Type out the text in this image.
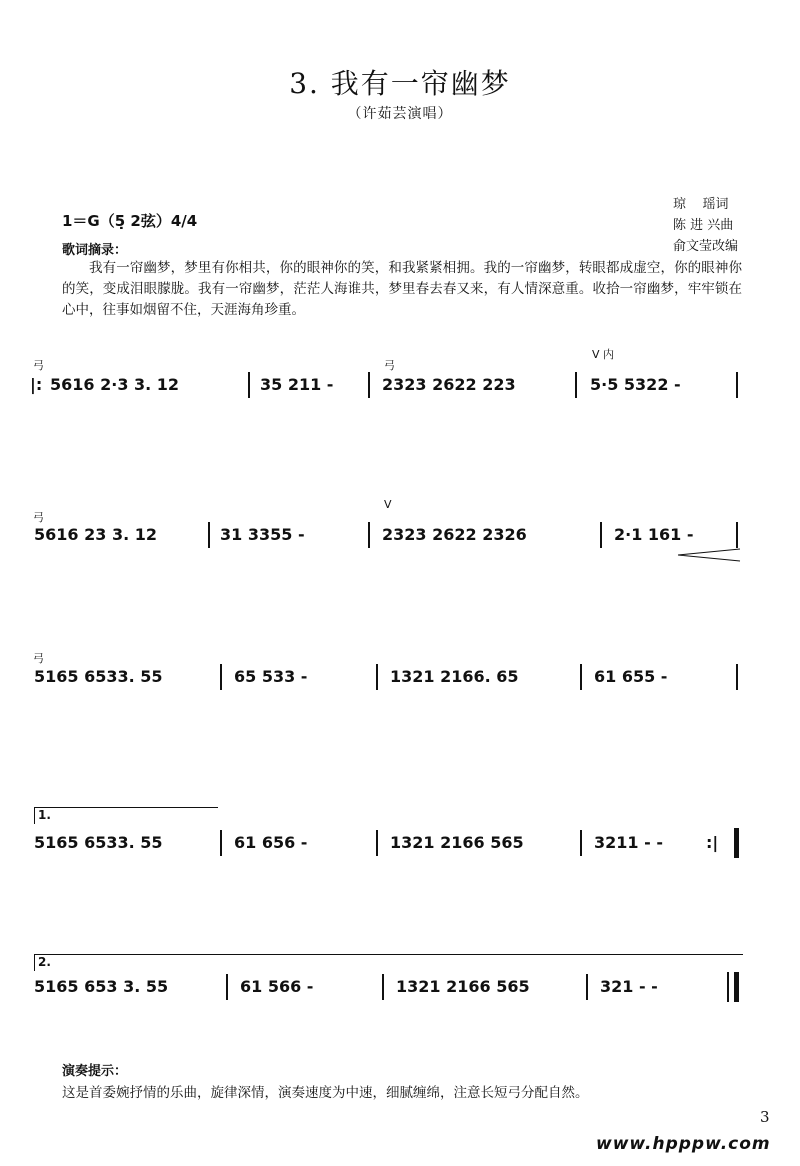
3. 我有一帘幽梦
（许茹芸演唱）
琼    瑶词
陈 进 兴曲
俞文莹改编
1＝G（5̣ 2弦）4/4
歌词摘录：
我有一帘幽梦，梦里有你相共，你的眼神你的笑，和我紧紧相拥。我的一帘幽梦，转眼都成虚空，你的眼神你的笑，变成泪眼朦胧。我有一帘幽梦，茫茫人海谁共，梦里春去春又来，有人情深意重。收拾一帘幽梦，牢牢锁在心中，往事如烟留不住，天涯海角珍重。
弓	弓
V 内
|: 5616 2·3 3. 12	35 211 -	2323 2622 223	5·5 5322 -
弓
V
5616 23 3. 12	31 3355 -	2323 2622 2326	2·1 161 -
弓
5165 6533. 55	65 533 -	1321 2166. 65	61 655 -
1.
5165 6533. 55	61 656 -	1321 2166 565	3211 - -	:|
2.
5165 653 3. 55	61 566 -	1321 2166 565	321 - -
演奏提示：
这是首委婉抒情的乐曲，旋律深情，演奏速度为中速，细腻缠绵，注意长短弓分配自然。
3
www.hpppw.com
